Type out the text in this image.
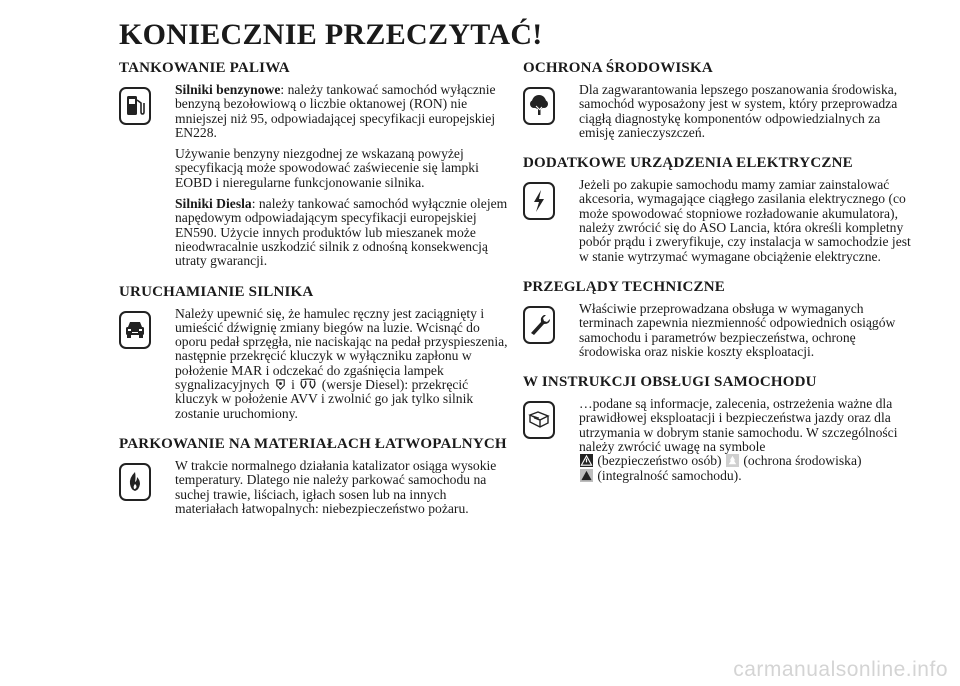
KONIECZNIE PRZECZYTAĆ!
TANKOWANIE PALIWA

Silniki benzynowe: należy tankować samochód wyłącznie benzyną bezołowiową o liczbie oktanowej (RON) nie mniejszej niż 95, odpowiadającej specyfikacji europejskiej EN228.

Używanie benzyny niezgodnej ze wskazaną powyżej specyfikacją może spowodować zaświecenie się lampki EOBD i nieregularne funkcjonowanie silnika.

Silniki Diesla: należy tankować samochód wyłącznie olejem napędowym odpowiadającym specyfikacji europejskiej EN590. Użycie innych produktów lub mieszanek może nieodwracalnie uszkodzić silnik z odnośną konsekwencją utraty gwarancji.

URUCHAMIANIE SILNIKA

Należy upewnić się, że hamulec ręczny jest zaciągnięty i umieścić dźwignię zmiany biegów na luzie. Wcisnąć do oporu pedał sprzęgła, nie naciskając na pedał przyspieszenia, następnie przekręcić kluczyk w wyłączniku zapłonu w położenie MAR i odczekać do zgaśnięcia lampek sygnalizacyjnych  i  (wersje Diesel): przekręcić kluczyk w położenie AVV i zwolnić go jak tylko silnik zostanie uruchomiony.

PARKOWANIE NA MATERIAŁACH ŁATWOPALNYCH

W trakcie normalnego działania katalizator osiąga wysokie temperatury. Dlatego nie należy parkować samochodu na suchej trawie, liściach, igłach sosen lub na innych materiałach łatwopalnych: niebezpieczeństwo pożaru.

OCHRONA ŚRODOWISKA

Dla zagwarantowania lepszego poszanowania środowiska, samochód wyposażony jest w system, który przeprowadza ciągłą diagnostykę komponentów odpowiedzialnych za emisję zanieczyszczeń.

DODATKOWE URZĄDZENIA ELEKTRYCZNE

Jeżeli po zakupie samochodu mamy zamiar zainstalować akcesoria, wymagające ciągłego zasilania elektrycznego (co może spowodować stopniowe rozładowanie akumulatora), należy zwrócić się do ASO Lancia, która określi kompletny pobór prądu i zweryfikuje, czy instalacja w samochodzie jest w stanie wytrzymać wymagane obciążenie elektryczne.

PRZEGLĄDY TECHNICZNE

Właściwie przeprowadzana obsługa w wymaganych terminach zapewnia niezmienność odpowiednich osiągów samochodu i parametrów bezpieczeństwa, ochronę środowiska oraz niskie koszty eksploatacji.

W INSTRUKCJI OBSŁUGI SAMOCHODU

…podane są informacje, zalecenia, ostrzeżenia ważne dla prawidłowej eksploatacji i bezpieczeństwa jazdy oraz dla utrzymania w dobrym stanie samochodu. W szczególności należy zwrócić uwagę na symbole
(bezpieczeństwo osób)  (ochrona środowiska)
(integralność samochodu).

carmanualsonline.info
